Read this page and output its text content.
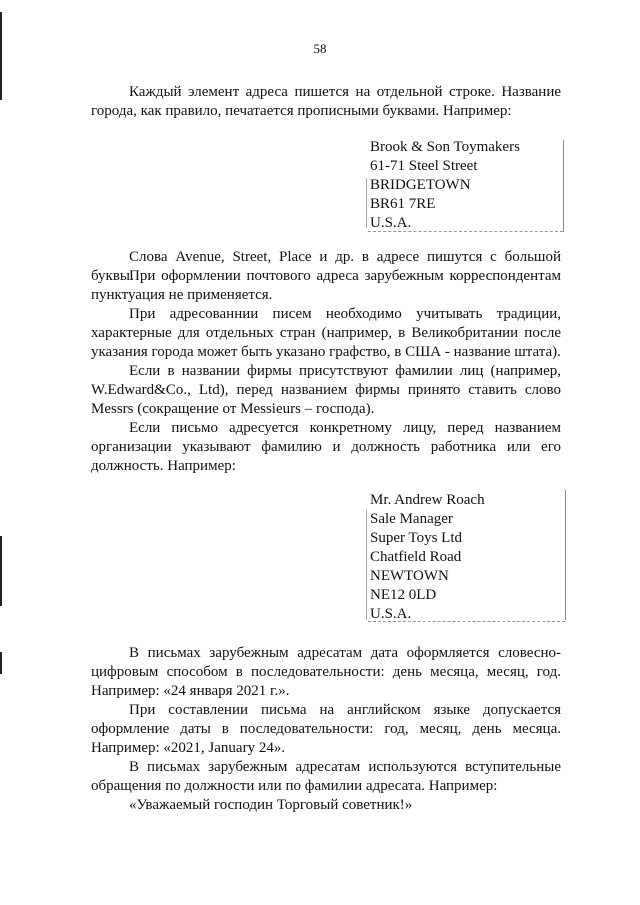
58

Каждый элемент адреса пишется на отдельной строке. Название города, как правило, печатается прописными буквами. Например:

Brook & Son Toymakers
61-71 Steel Street
BRIDGETOWN
BR61 7RE
U.S.A.

Слова Avenue, Street, Place и др. в адресе пишутся с большой буквы.

При оформлении почтового адреса зарубежным корреспондентам пунктуация не применяется.

При адресованнии писем необходимо учитывать традиции, характерные для отдельных стран (например, в Великобритании после указания города может быть указано графство, в США - название штата).

Если в названии фирмы присутствуют фамилии лиц (например, W.Edward&Co., Ltd), перед названием фирмы принято ставить слово Messrs (сокращение от Messieurs – господа).

Если письмо адресуется конкретному лицу, перед названием организации указывают фамилию и должность работника или его должность. Например:

Mr. Andrew Roach
Sale Manager
Super Toys Ltd
Chatfield Road
NEWTOWN
NE12 0LD
U.S.A.

В письмах зарубежным адресатам дата оформляется словесно-цифровым способом в последовательности: день месяца, месяц, год. Например: «24 января 2021 г.».

При составлении письма на английском языке допускается оформление даты в последовательности: год, месяц, день месяца. Например: «2021, January 24».

В письмах зарубежным адресатам используются вступительные обращения по должности или по фамилии адресата. Например:

«Уважаемый господин Торговый советник!»
